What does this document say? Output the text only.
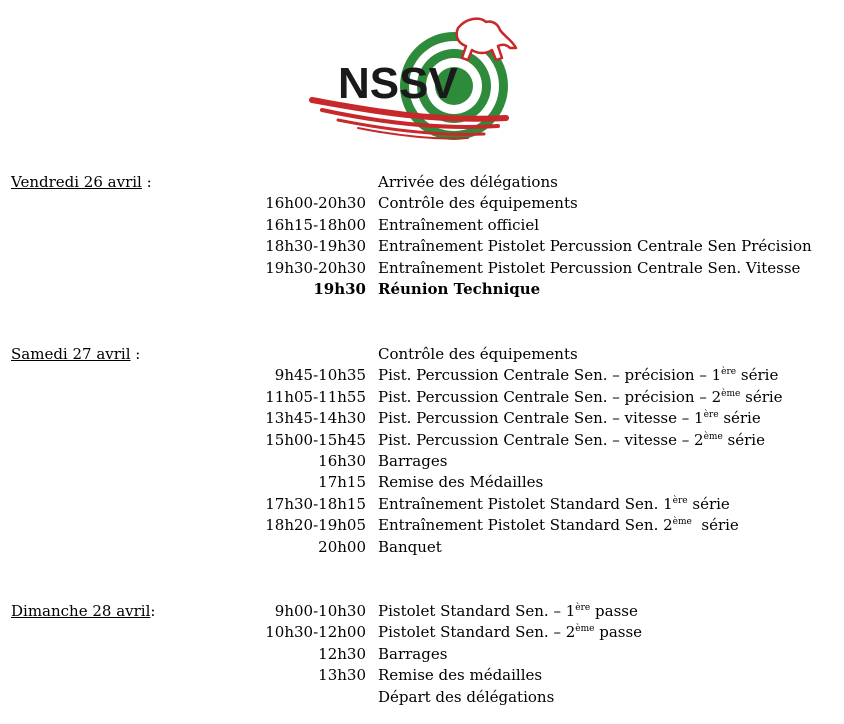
NSSV
Vendredi 26 avril :
Samedi 27 avril :
Dimanche 28 avril:
Arrivée des délégations
16h00-20h30 Contrôle des équipements
16h15-18h00 Entraînement officiel
18h30-19h30 Entraînement Pistolet Percussion Centrale Sen Précision
19h30-20h30 Entraînement Pistolet Percussion Centrale Sen. Vitesse
19h30 Réunion Technique
Contrôle des équipements
9h45-10h35 Pist. Percussion Centrale Sen. – précision – 1ère série
11h05-11h55 Pist. Percussion Centrale Sen. – précision – 2ème série
13h45-14h30 Pist. Percussion Centrale Sen. – vitesse – 1ère série
15h00-15h45 Pist. Percussion Centrale Sen. – vitesse – 2ème série
16h30 Barrages
17h15 Remise des Médailles
17h30-18h15 Entraînement Pistolet Standard Sen. 1ère série
18h20-19h05 Entraînement Pistolet Standard Sen. 2ème  série
20h00 Banquet
9h00-10h30 Pistolet Standard Sen. – 1ère passe
10h30-12h00 Pistolet Standard Sen. – 2ème passe
12h30 Barrages
13h30 Remise des médailles
Départ des délégations
